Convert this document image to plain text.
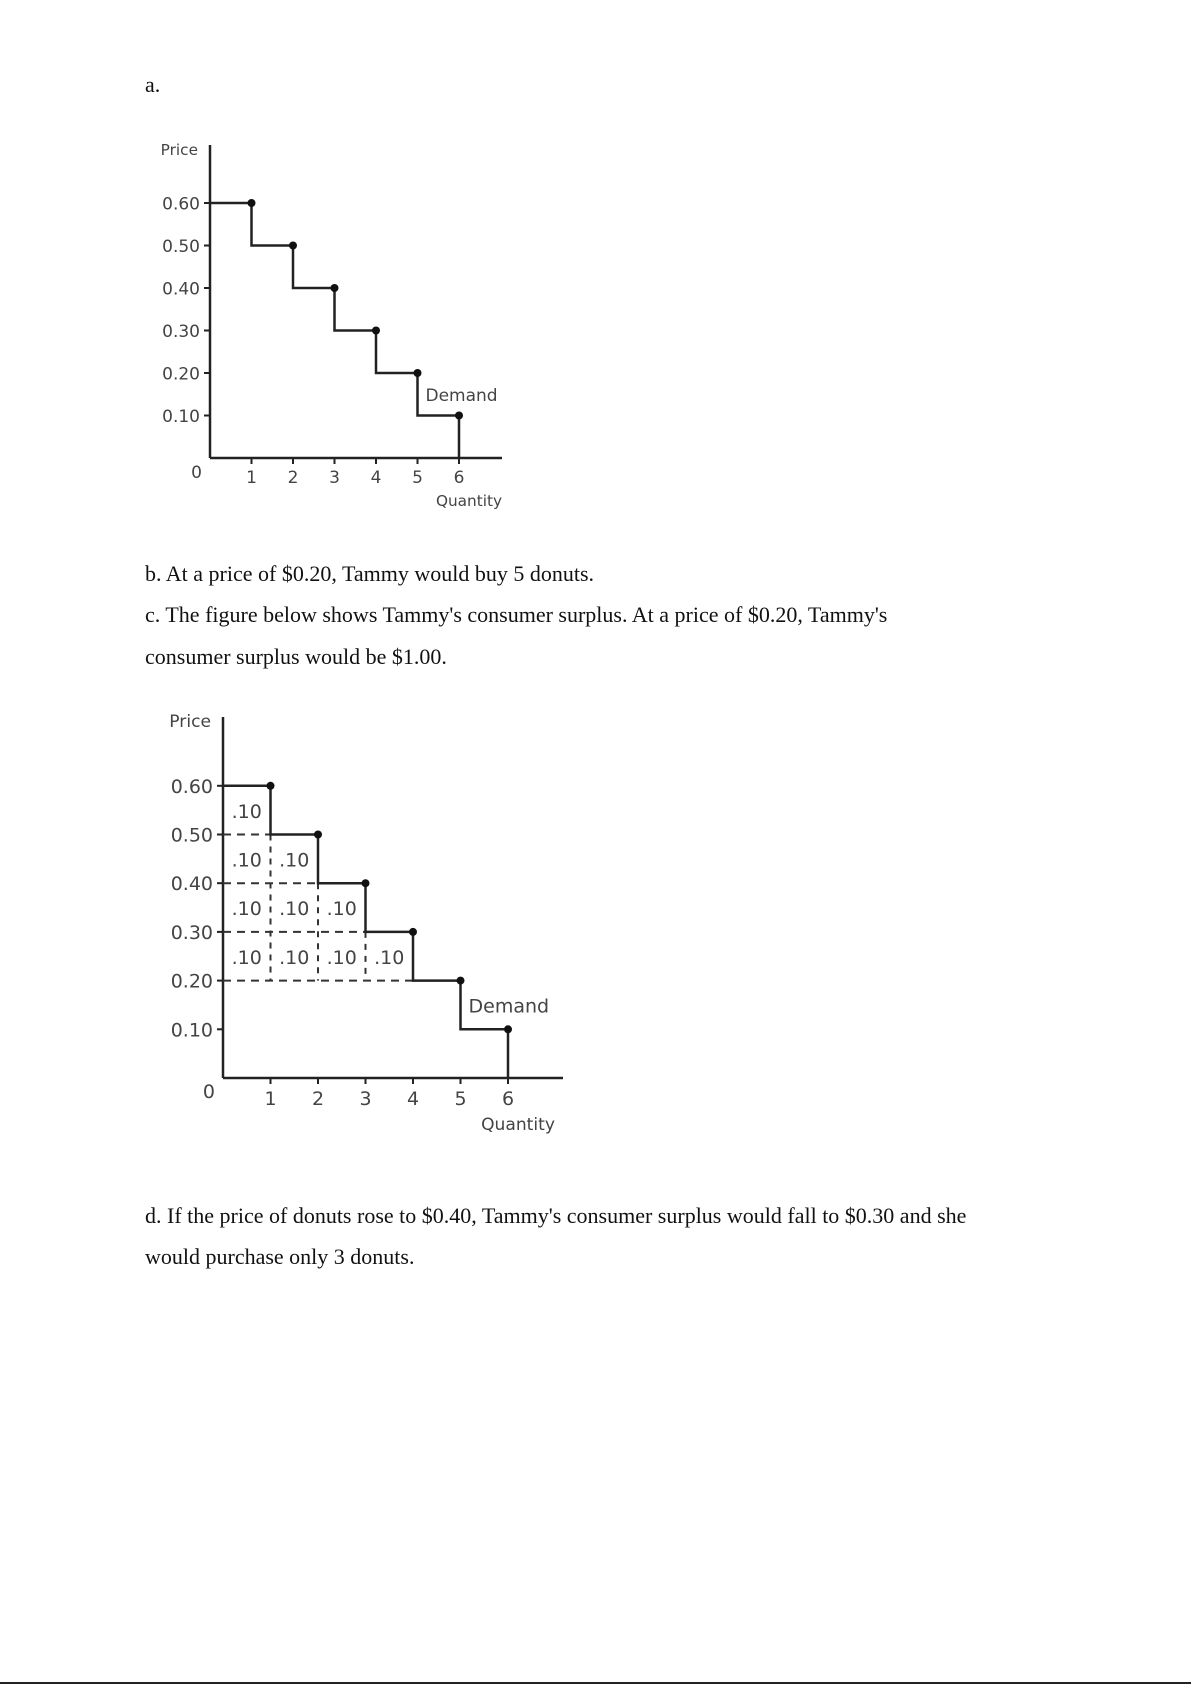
a.
b. At a price of $0.20, Tammy would buy 5 donuts.
c. The figure below shows Tammy's consumer surplus. At a price of $0.20, Tammy's
consumer surplus would be $1.00.
d. If the price of donuts rose to $0.40, Tammy's consumer surplus would fall to $0.30 and she
would purchase only 3 donuts.
Price
0
0.10
0.20
0.30
0.40
0.50
0.60
1 2 3 4 5 6
Quantity
Demand
Price
0
0.10
0.20
0.30
0.40
0.50
0.60
1 2 3 4 5 6
Quantity
.10
.10 .10
.10 .10 .10
.10 .10 .10 .10
Demand
